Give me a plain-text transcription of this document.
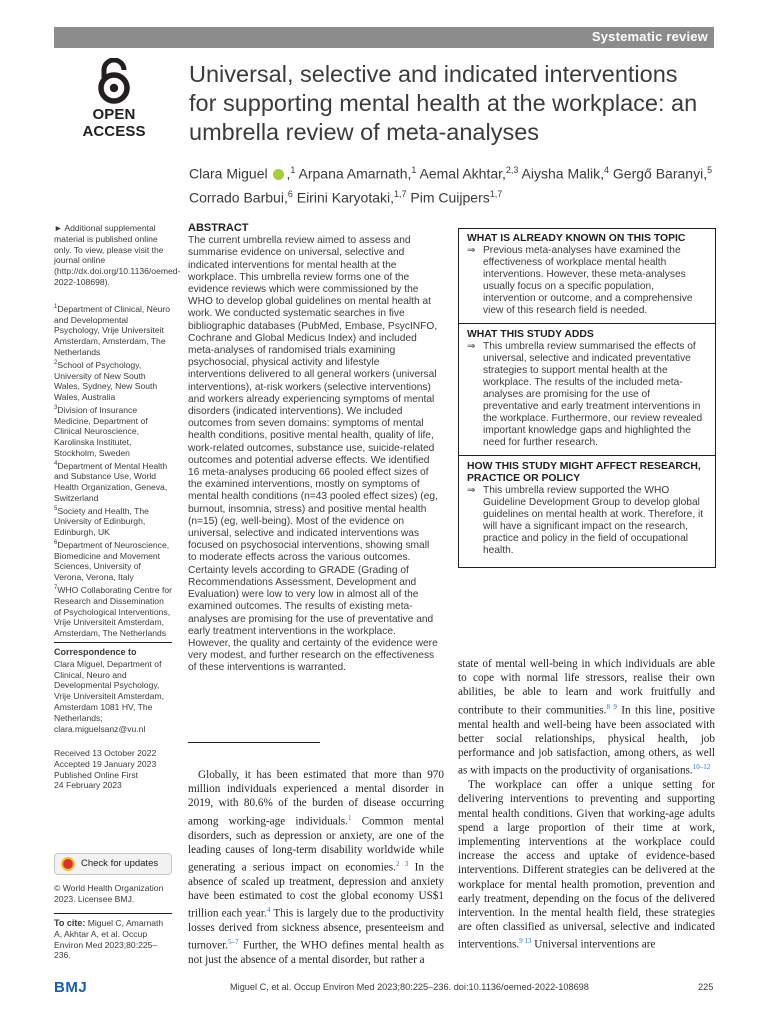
Systematic review
OPEN ACCESS
Universal, selective and indicated interventions for supporting mental health at the workplace: an umbrella review of meta-analyses
Clara Miguel ,$^1$ Arpana Amarnath,$^1$ Aemal Akhtar,$^{2,3}$ Aiysha Malik,$^4$ Gergő Baranyi,$^5$
Corrado Barbui,$^6$ Eirini Karyotaki,$^{1,7}$ Pim Cuijpers$^{1,7}$
► Additional supplemental material is published online only. To view, please visit the journal online (http://dx.doi.org/10.1136/oemed-2022-108698).
$^1$Department of Clinical, Neuro and Developmental Psychology, Vrije Universiteit Amsterdam, Amsterdam, The Netherlands
$^2$School of Psychology, University of New South Wales, Sydney, New South Wales, Australia
$^3$Division of Insurance Medicine, Department of Clinical Neuroscience, Karolinska Institutet, Stockholm, Sweden
$^4$Department of Mental Health and Substance Use, World Health Organization, Geneva, Switzerland
$^5$Society and Health, The University of Edinburgh, Edinburgh, UK
$^6$Department of Neuroscience, Biomedicine and Movement Sciences, University of Verona, Verona, Italy
$^7$WHO Collaborating Centre for Research and Dissemination of Psychological Interventions, Vrije Universiteit Amsterdam, Amsterdam, The Netherlands
Correspondence to
Clara Miguel, Department of Clinical, Neuro and Developmental Psychology, Vrije Universiteit Amsterdam, Amsterdam 1081 HV, The Netherlands; clara.miguelsanz@vu.nl
Received 13 October 2022
Accepted 19 January 2023
Published Online First
24 February 2023
Check for updates
© World Health Organization 2023. Licensee BMJ.
To cite: Miguel C, Amarnath A, Akhtar A, et al. Occup Environ Med 2023;80:225–236.
ABSTRACT
The current umbrella review aimed to assess and summarise evidence on universal, selective and indicated interventions for mental health at the workplace. This umbrella review forms one of the evidence reviews which were commissioned by the WHO to develop global guidelines on mental health at work. We conducted systematic searches in five bibliographic databases (PubMed, Embase, PsycINFO, Cochrane and Global Medicus Index) and included meta-analyses of randomised trials examining psychosocial, physical activity and lifestyle interventions delivered to all general workers (universal interventions), at-risk workers (selective interventions) and workers already experiencing symptoms of mental disorders (indicated interventions). We included outcomes from seven domains: symptoms of mental health conditions, positive mental health, quality of life, work-related outcomes, substance use, suicide-related outcomes and potential adverse effects. We identified 16 meta-analyses producing 66 pooled effect sizes of the examined interventions, mostly on symptoms of mental health conditions (n=43 pooled effect sizes) (eg, burnout, insomnia, stress) and positive mental health (n=15) (eg, well-being). Most of the evidence on universal, selective and indicated interventions was focused on psychosocial interventions, showing small to moderate effects across the various outcomes. Certainty levels according to GRADE (Grading of Recommendations Assessment, Development and Evaluation) were low to very low in almost all of the examined outcomes. The results of existing meta-analyses are promising for the use of preventative and early treatment interventions in the workplace. However, the quality and certainty of the evidence were very modest, and further research on the effectiveness of these interventions is warranted.
WHAT IS ALREADY KNOWN ON THIS TOPIC
⇒ Previous meta-analyses have examined the effectiveness of workplace mental health interventions. However, these meta-analyses usually focus on a specific population, intervention or outcome, and a comprehensive view of this research field is needed.
WHAT THIS STUDY ADDS
⇒ This umbrella review summarised the effects of universal, selective and indicated preventative strategies to support mental health at the workplace. The results of the included meta-analyses are promising for the use of preventative and early treatment interventions in the workplace. Furthermore, our review revealed important knowledge gaps and highlighted the need for further research.
HOW THIS STUDY MIGHT AFFECT RESEARCH, PRACTICE OR POLICY
⇒ This umbrella review supported the WHO Guideline Development Group to develop global guidelines on mental health at work. Therefore, it will have a significant impact on the research, practice and policy in the field of occupational health.

Globally, it has been estimated that more than 970 million individuals experienced a mental disorder in 2019, with 80.6% of the burden of disease occurring among working-age individuals.$^1$ Common mental disorders, such as depression or anxiety, are one of the leading causes of long-term disability worldwide while generating a serious impact on economies.$^{2 3}$ In the absence of scaled up treatment, depression and anxiety have been estimated to cost the global economy US$1 trillion each year.$^4$ This is largely due to the productivity losses derived from sickness absence, presenteeism and turnover.$^{5-7}$ Further, the WHO defines mental health as not just the absence of a mental disorder, but rather a

state of mental well-being in which individuals are able to cope with normal life stressors, realise their own abilities, be able to learn and work fruitfully and contribute to their communities.$^{8 9}$ In this line, positive mental health and well-being have been associated with better social relationships, physical health, job performance and job satisfaction, among others, as well as with impacts on the productivity of organisations.$^{10-12}$

The workplace can offer a unique setting for delivering interventions to preventing and supporting mental health conditions. Given that working-age adults spend a large proportion of their time at work, implementing interventions at the workplace could increase the access and uptake of evidence-based interventions. Different strategies can be delivered at the workplace for mental health promotion, prevention and early treatment, depending on the focus of the delivered intervention. In the mental health field, these strategies are often classified as universal, selective and indicated interventions.$^{9 13}$ Universal interventions are

BMJ	Miguel C, et al. Occup Environ Med 2023;80:225–236. doi:10.1136/oemed-2022-108698	225
